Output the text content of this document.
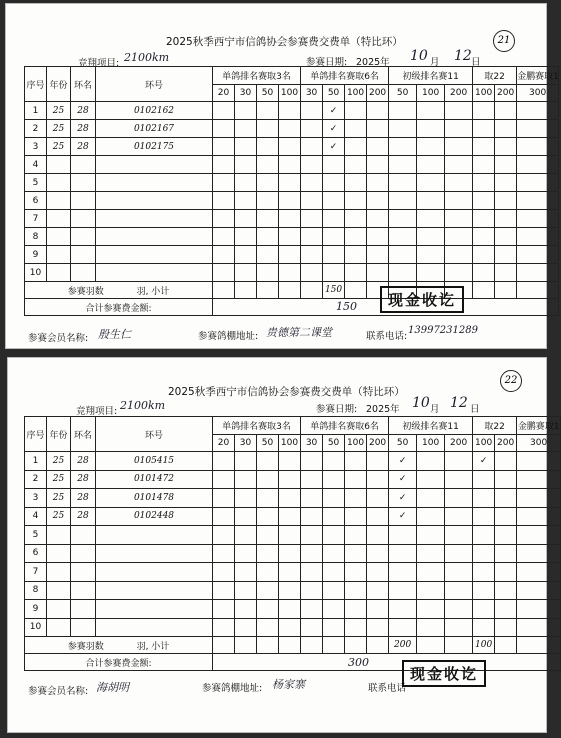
2025秋季西宁市信鸽协会参赛费交费单（特比环）	21
竞翔项目: 2100km	参赛日期: 2025年 10 月 12 日
序号	年份	环名	环号	单鸽排名赛取3名				单鸽排名赛取6名				初级排名赛11			取22		金鹏赛取1
				20	30	50	100	30	50	100	200	50	100	200	100	200	300
1	25	28	0102162						✓								
2	25	28	0102167						✓								
3	25	28	0102175						✓								
4																	
5																	
6																	
7																	
8																	
9																	
10																	
参赛羽数 羽, 小计									150								
合计参赛费金额:																		150	现金收讫
参赛会员名称: 殷生仁	参赛鸽棚地址: 贵德第二课堂	联系电话:
13997231289
2025秋季西宁市信鸽协会参赛费交费单（特比环）
22
竞翔项目: 2100km	参赛日期: 2025年 10 月 12 日
序号	年份	环名	环号	单鸽排名赛取3名				单鸽排名赛取6名				初级排名赛11			取22		金鹏赛取1
				20	30	50	100	30	50	100	200	50	100	200	100	200	300
1	25	28	0105415									✓			✓		
2	25	28	0101472									✓					
3	25	28	0101478									✓					
4	25	28	0102448									✓					
5																	
6																	
7																	
8																	
9																	
10																	
参赛羽数 羽, 小计												200			100		
合计参赛费金额:																		300
现金收讫
参赛会员名称: 海胡明	参赛鸽棚地址: 杨家寨	联系电话
